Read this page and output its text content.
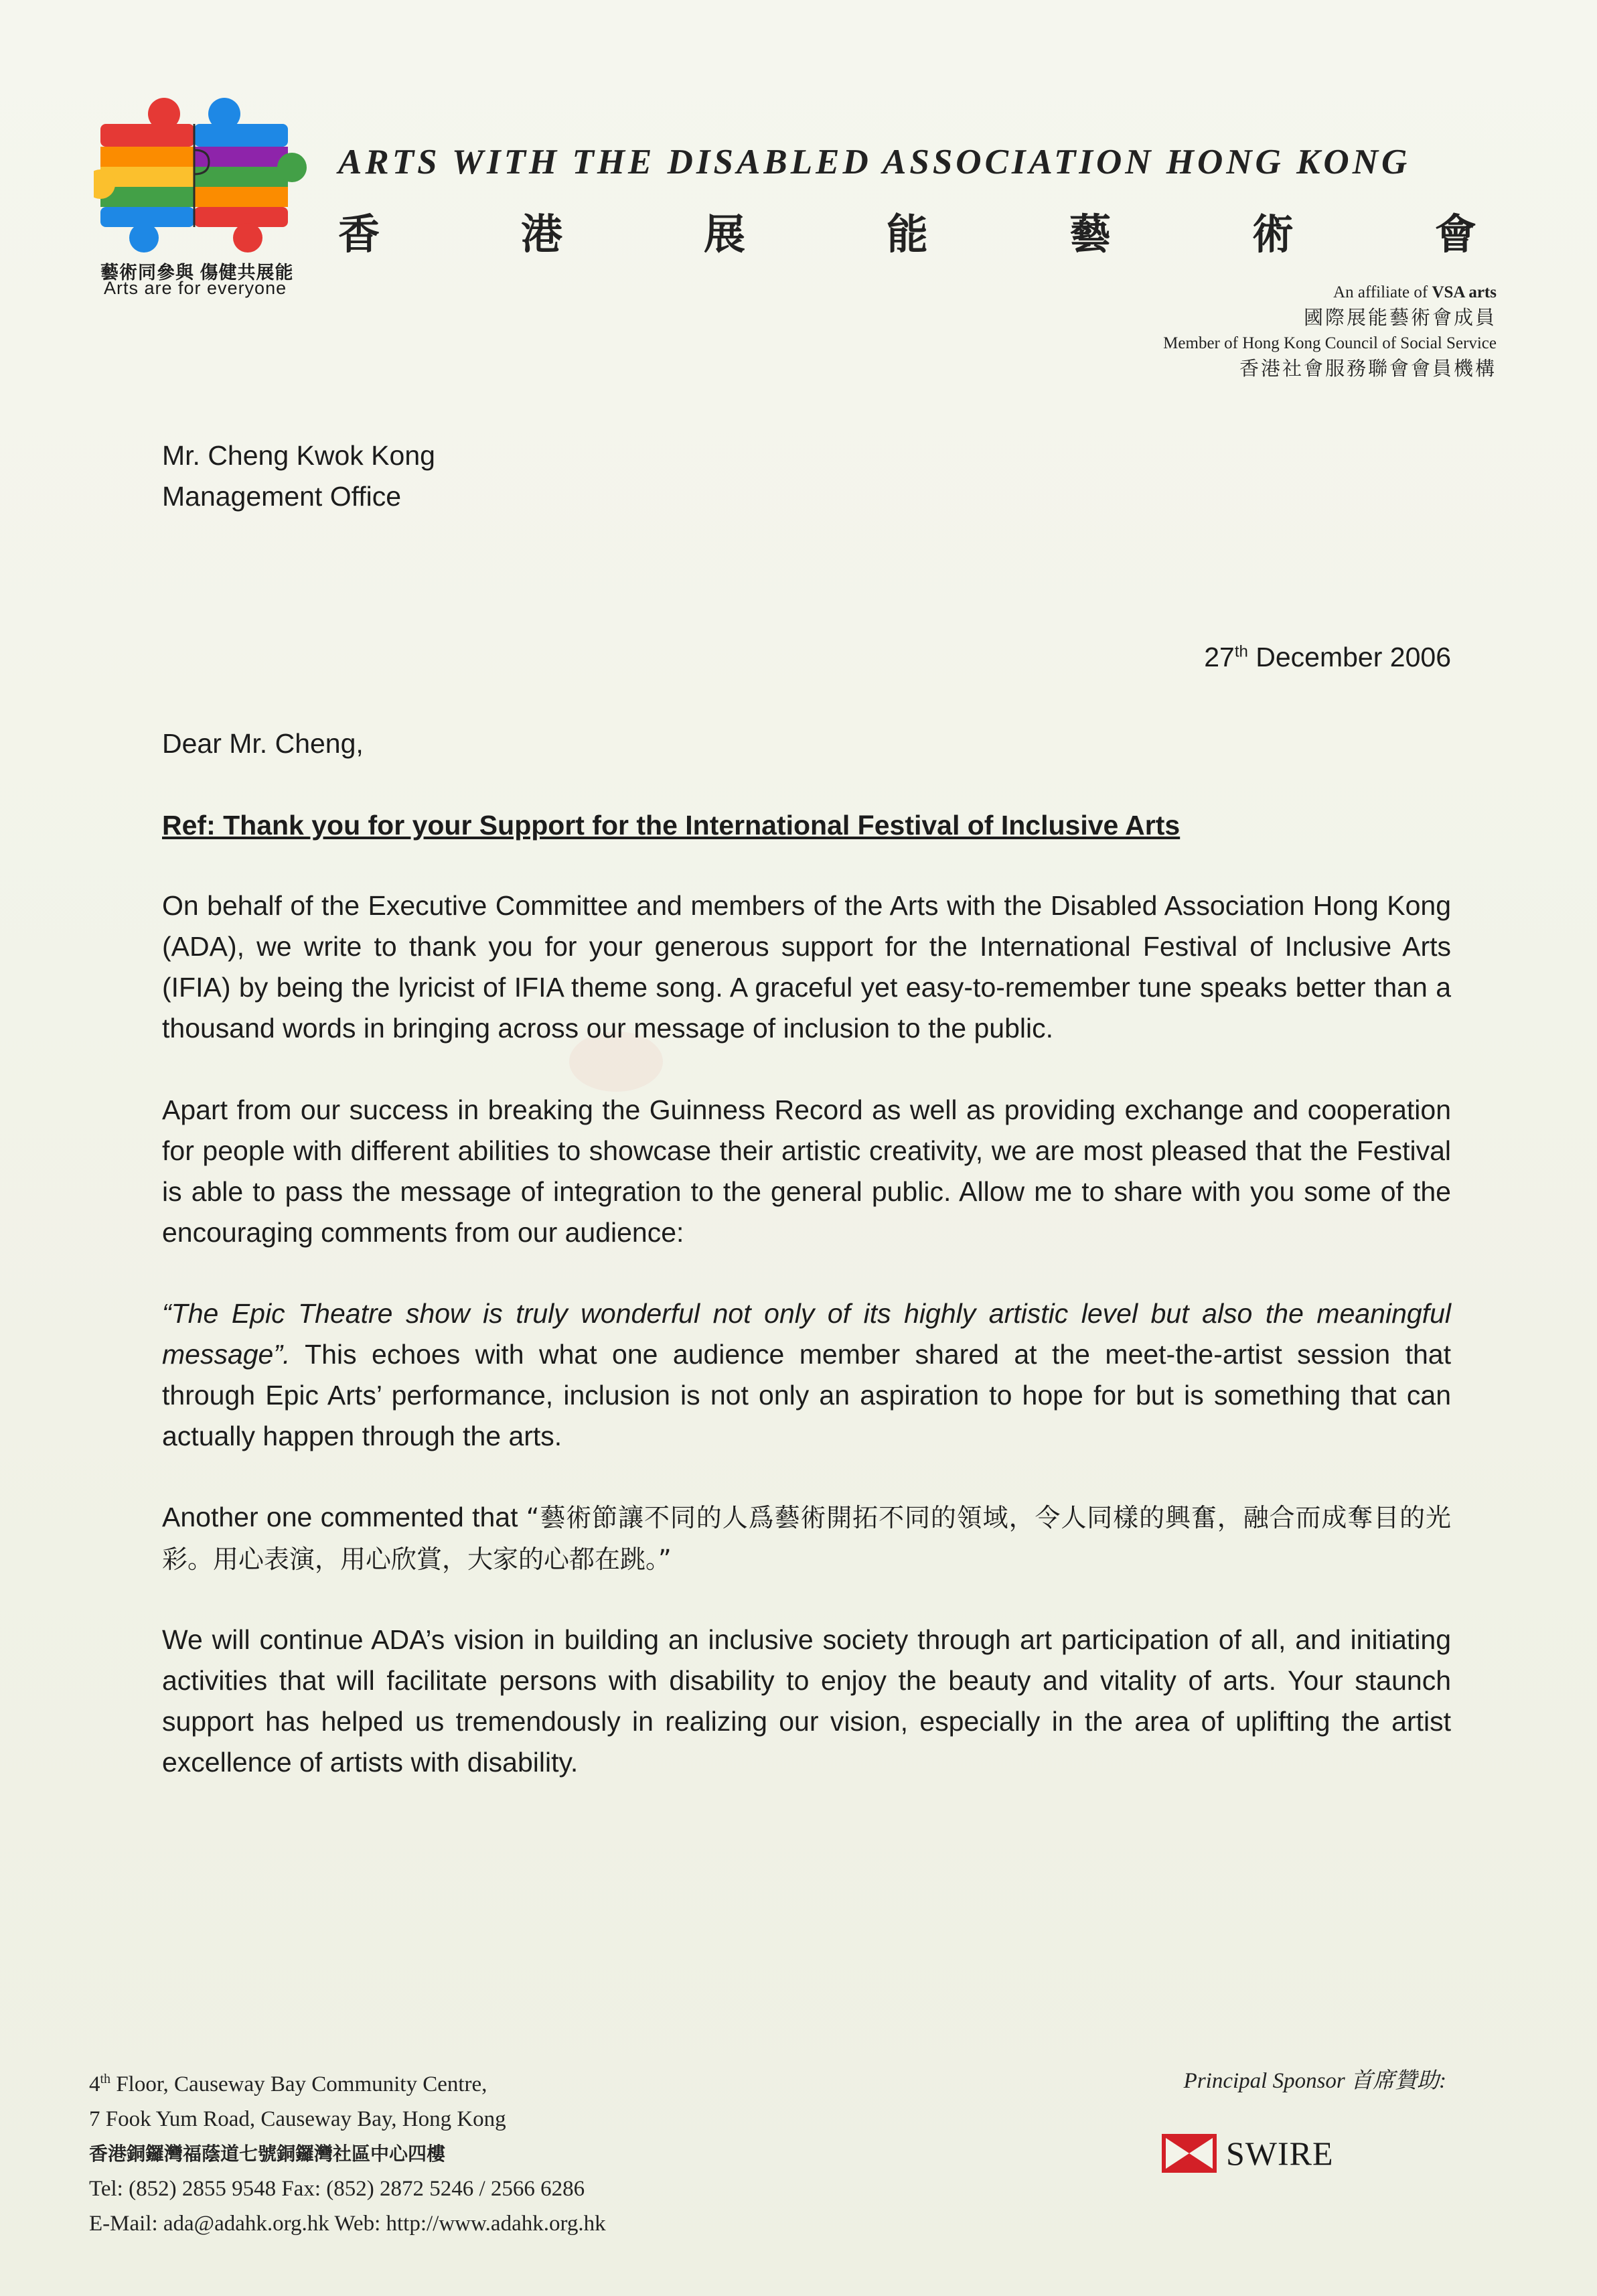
藝術同參與 傷健共展能
Arts are for everyone
ARTS WITH THE DISABLED ASSOCIATION HONG KONG
香	港	展	能	藝	術	會
An affiliate of VSA arts
國際展能藝術會成員
Member of Hong Kong Council of Social Service
香港社會服務聯會會員機構
Mr. Cheng Kwok Kong
Management Office
27th December 2006
Dear Mr. Cheng,
Ref: Thank you for your Support for the International Festival of Inclusive Arts
On behalf of the Executive Committee and members of the Arts with the Disabled Association Hong Kong (ADA), we write to thank you for your generous support for the International Festival of Inclusive Arts (IFIA) by being the lyricist of IFIA theme song. A graceful yet easy-to-remember tune speaks better than a thousand words in bringing across our message of inclusion to the public.
Apart from our success in breaking the Guinness Record as well as providing exchange and cooperation for people with different abilities to showcase their artistic creativity, we are most pleased that the Festival is able to pass the message of integration to the general public. Allow me to share with you some of the encouraging comments from our audience:
“The Epic Theatre show is truly wonderful not only of its highly artistic level but also the meaningful message”. This echoes with what one audience member shared at the meet-the-artist session that through Epic Arts’ performance, inclusion is not only an aspiration to hope for but is something that can actually happen through the arts.
Another one commented that “藝術節讓不同的人爲藝術開拓不同的領域，令人同樣的興奮，融合而成奪目的光彩。用心表演，用心欣賞，大家的心都在跳。”
We will continue ADA’s vision in building an inclusive society through art participation of all, and initiating activities that will facilitate persons with disability to enjoy the beauty and vitality of arts. Your staunch support has helped us tremendously in realizing our vision, especially in the area of uplifting the artist excellence of artists with disability.
4th Floor, Causeway Bay Community Centre,
7 Fook Yum Road, Causeway Bay, Hong Kong
香港銅鑼灣福蔭道七號銅鑼灣社區中心四樓
Tel: (852) 2855 9548 Fax: (852) 2872 5246 / 2566 6286
E-Mail: ada@adahk.org.hk Web: http://www.adahk.org.hk
Principal Sponsor 首席贊助:
SWIRE
